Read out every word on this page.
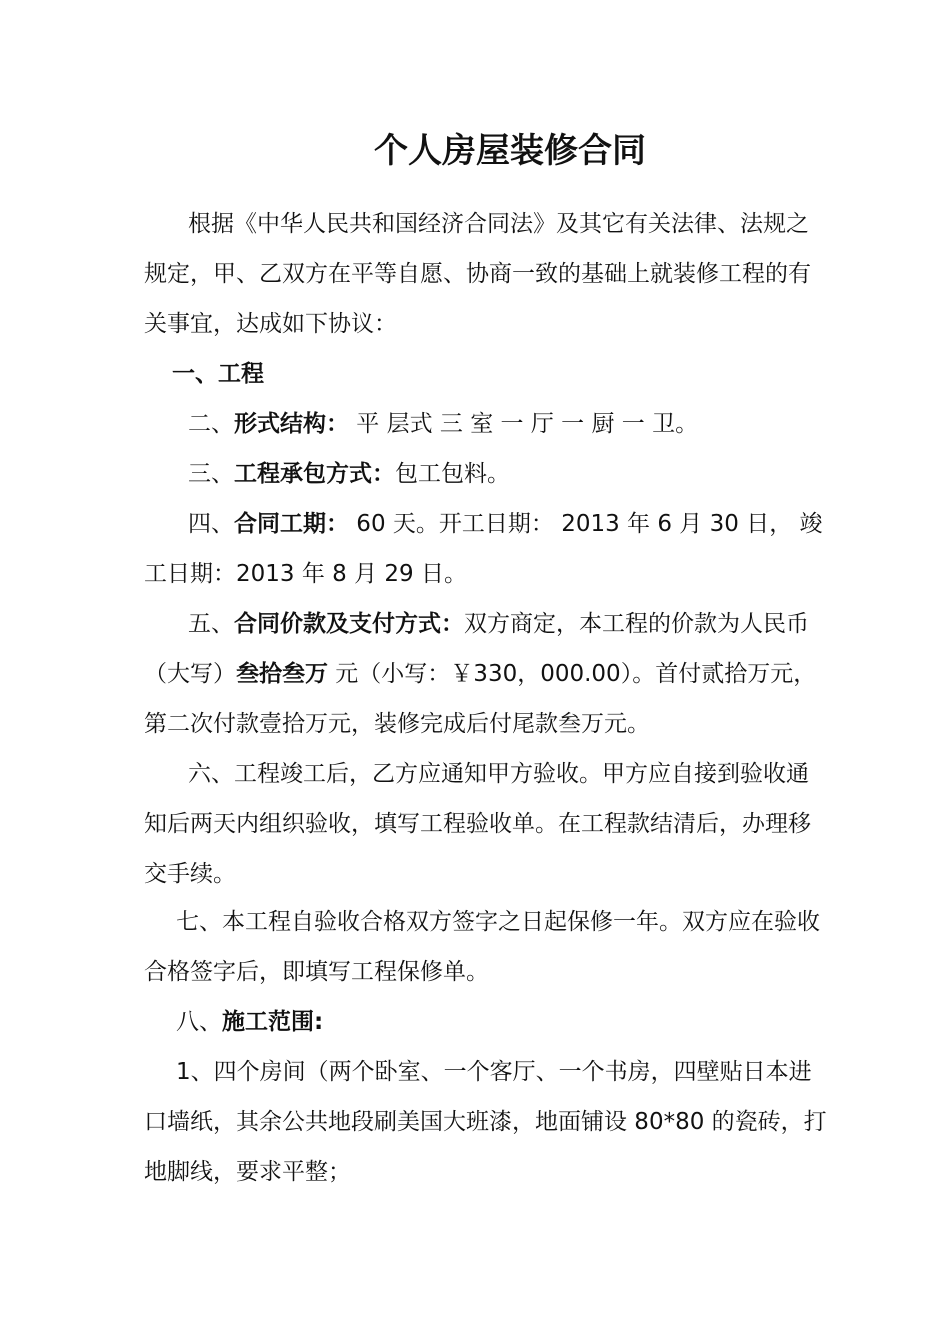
个人房屋装修合同
根据《中华人民共和国经济合同法》及其它有关法律、法规之
规定，甲、乙双方在平等自愿、协商一致的基础上就装修工程的有
关事宜，达成如下协议：
一、工程
二、形式结构： 平 层式 三 室 一 厅 一 厨 一 卫。
三、工程承包方式：包工包料。
四、合同工期： 60 天。开工日期： 2013 年 6 月 30 日， 竣
工日期：2013 年 8 月 29 日。
五、合同价款及支付方式：双方商定，本工程的价款为人民币
（大写）叁拾叁万 元（小写：￥330，000.00）。首付贰拾万元，
第二次付款壹拾万元，装修完成后付尾款叁万元。
六、工程竣工后，乙方应通知甲方验收。甲方应自接到验收通
知后两天内组织验收，填写工程验收单。在工程款结清后，办理移
交手续。
七、本工程自验收合格双方签字之日起保修一年。双方应在验收
合格签字后，即填写工程保修单。
八、施工范围:
1、四个房间（两个卧室、一个客厅、一个书房，四壁贴日本进
口墙纸，其余公共地段刷美国大班漆，地面铺设 80*80 的瓷砖，打
地脚线，要求平整；
